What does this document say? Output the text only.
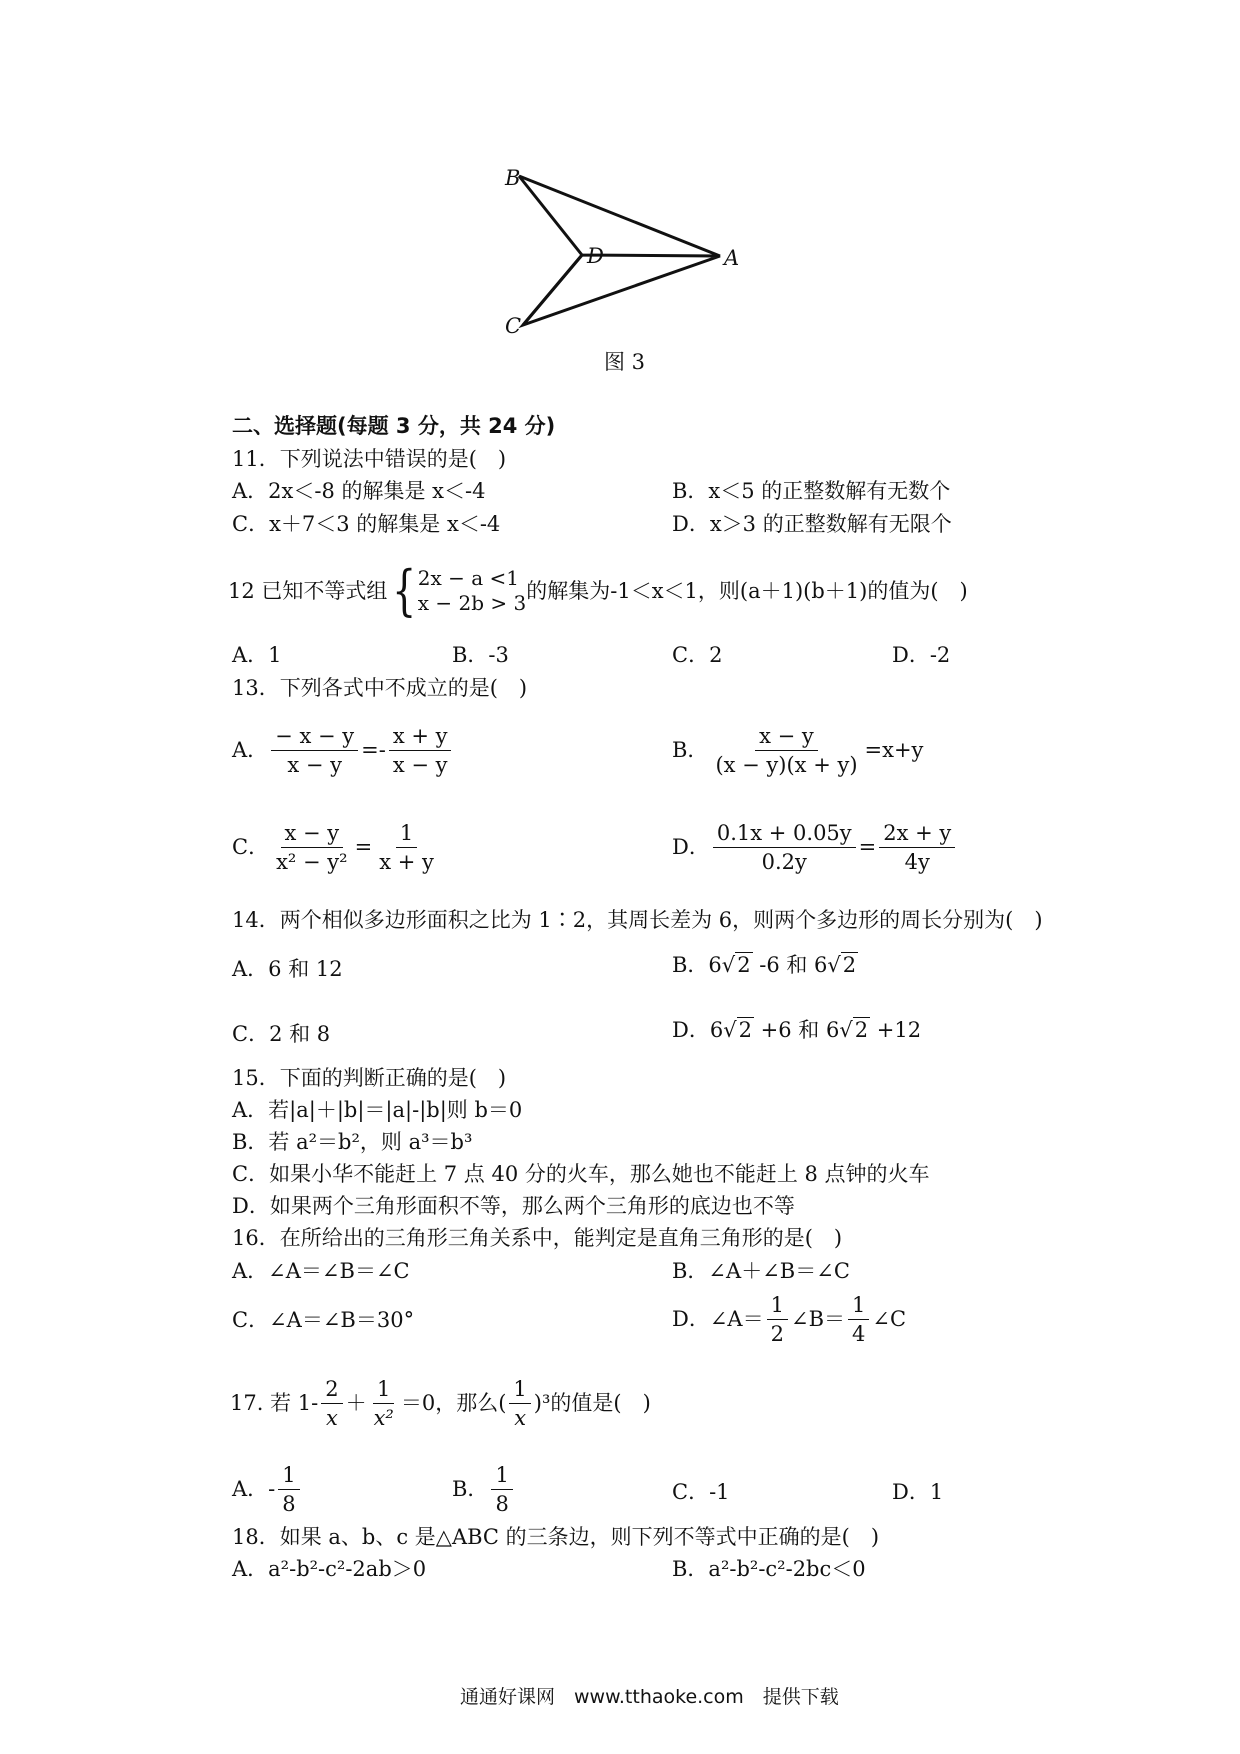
B
D	A
C
图 3
二、选择题(每题 3 分，共 24 分)
11．下列说法中错误的是(　)
A．2x＜-8 的解集是 x＜-4	B．x＜5 的正整数解有无数个
C．x＋7＜3 的解集是 x＜-4	D．x＞3 的正整数解有无限个
12 已知不等式组 { 2x − a <1
x − 2b > 3
的解集为-1＜x＜1，则(a＋1)(b＋1)的值为(　)
A．1	B．-3	C．2	D．-2
13．下列各式中不成立的是(　)
A． $\frac{- x - y}{x - y} =- \frac{x + y}{x - y}$	B． $\frac{x - y}{(x - y)(x + y)} =x+y$
C． $\frac{x - y}{\text{x² − y²}} = \frac{1}{x + y}$	D． $\frac{0.1x + 0.05y}{0.2y} = \frac{2x + y}{4y}$
14．两个相似多边形面积之比为 1∶2，其周长差为 6，则两个多边形的周长分别为(　)
A．6 和 12	B．6√2 -6 和 6√2
C．2 和 8	D．6√2 +6 和 6√2 +12
15．下面的判断正确的是(　)
A．若|a|＋|b|＝|a|-|b|则 b＝0
B．若 a²＝b²，则 a³＝b³
C．如果小华不能赶上 7 点 40 分的火车，那么她也不能赶上 8 点钟的火车
D．如果两个三角形面积不等，那么两个三角形的底边也不等
16．在所给出的三角形三角关系中，能判定是直角三角形的是(　)
A．∠A＝∠B＝∠C	B．∠A＋∠B＝∠C
C．∠A＝∠B＝30°	D．∠A＝ $\frac{1}{2}$ ∠B＝ $\frac{1}{4}$ ∠C
17. 若 $1- \frac{2}{x} + \frac{1}{\text{x²}} =0$，那么( $\frac{1}{x} )^3$的值是(　)
A．- $\frac{1}{8}$	B． $\frac{1}{8}$	C．-1	D．1
18．如果 a、b、c 是△ABC 的三条边，则下列不等式中正确的是(　)
A．a²-b²-c²-2ab＞0	B．a²-b²-c²-2bc＜0
通通好课网　www.tthaoke.com　提供下载
